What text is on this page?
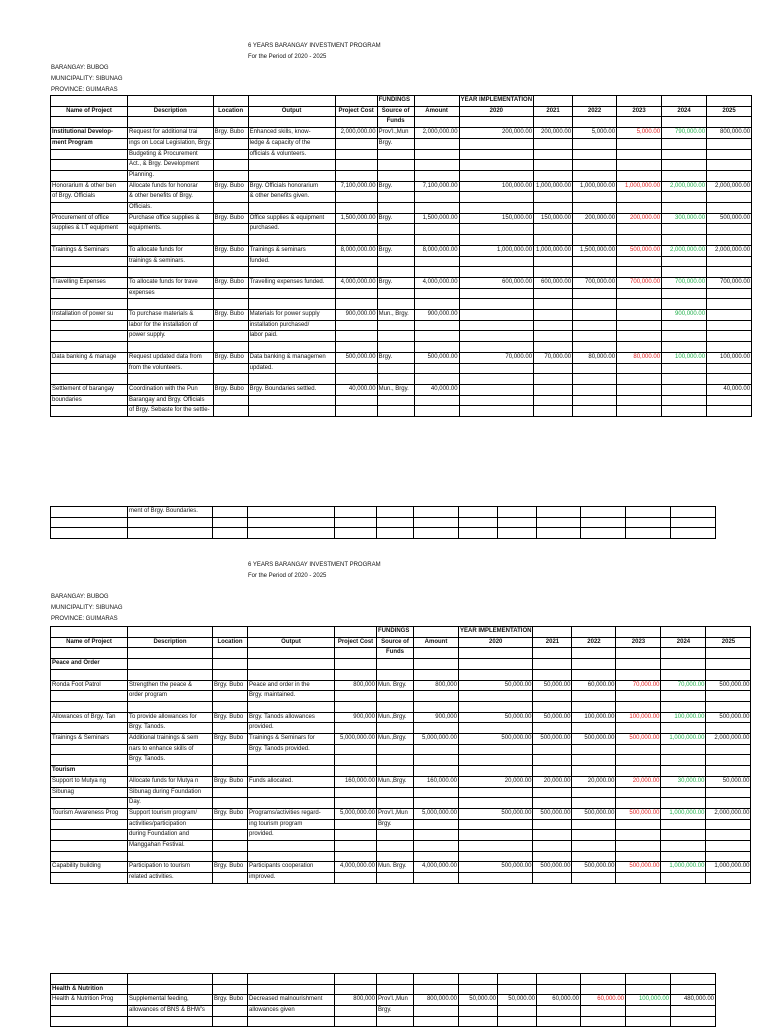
6 YEARS BARANGAY INVESTMENT PROGRAM
For the Period of 2020 - 2025
BARANGAY: BUBOG
MUNICIPALITY: SIBUNAG
PROVINCE: GUIMARAS
					FUNDINGS		YEAR IMPLEMENTATION					
Name of Project	Description	Location	Output	Project Cost	Source of	Amount	2020	2021	2022	2023	2024	2025
					Funds							
Institutional Develop-	Request for additional trai	Brgy. Bubo	Enhanced skills, know-	2,000,000.00	Prov'l.,Mun	2,000,000.00	200,000.00	200,000.00	5,000.00	5,000.00	790,000.00	800,000.00
ment Program	ings on Local Legislation, Brgy.		ledge & capacity of the		Brgy.							
	Budgeting & Procurement		officials & volunteers.									
	Act., & Brgy. Development											
	Planning.											
Honorarium & other ben	Allocate funds for honorar	Brgy. Bubo	Brgy. Officials honorarium	7,100,000.00	Brgy.	7,100,000.00	100,000.00	1,000,000.00	1,000,000.00	1,000,000.00	2,000,000.00	2,000,000.00
of Brgy. Officials	& other benefits of Brgy.		& other benefits given.									
	Officials.											
Procurement of office	Purchase office supplies &	Brgy. Bubo	Office supplies & equipment	1,500,000.00	Brgy.	1,500,000.00	150,000.00	150,000.00	200,000.00	200,000.00	300,000.00	500,000.00
supplies & I.T equipment	equipments.		purchased.									

Trainings & Seminars	To allocate funds for	Brgy. Bubo	Trainings & seminars	8,000,000.00	Brgy.	8,000,000.00	1,000,000.00	1,000,000.00	1,500,000.00	500,000.00	2,000,000.00	2,000,000.00
	trainings & seminars.		funded.									

Travelling Expenses	To allocate funds for trave	Brgy. Bubo	Travelling expenses funded.	4,000,000.00	Brgy.	4,000,000.00	600,000.00	600,000.00	700,000.00	700,000.00	700,000.00	700,000.00
	expenses											

Installation of power su	To purchase materials &	Brgy. Bubo	Materials for power supply	900,000.00	Mun., Brgy.	900,000.00					900,000.00	
	labor for the installation of		installation purchased/									
	power supply.		labor paid.									

Data banking & manage	Request updated data from	Brgy. Bubo	Data banking & managemen	500,000.00	Brgy.	500,000.00	70,000.00	70,000.00	80,000.00	80,000.00	100,000.00	100,000.00
	from the volunteers.		updated.									

Settlement of barangay	Coordination with the Pun	Brgy. Bubo	Brgy. Boundaries settled.	40,000.00	Mun., Brgy.	40,000.00						40,000.00
boundaries	Barangay and Brgy. Officials											
	of Brgy. Sebaste for the settle-											
	ment of Brgy. Boundaries.											

6 YEARS BARANGAY INVESTMENT PROGRAM
For the Period of 2020 - 2025
BARANGAY: BUBOG
MUNICIPALITY: SIBUNAG
PROVINCE: GUIMARAS
					FUNDINGS		YEAR IMPLEMENTATION					
Name of Project	Description	Location	Output	Project Cost	Source of	Amount	2020	2021	2022	2023	2024	2025
					Funds							
Peace and Order												

Ronda Foot Patrol	Strengthen the peace &	Brgy. Bubo	Peace and order in the	800,000	Mun. Brgy.	800,000	50,000.00	50,000.00	60,000.00	70,000.00	70,000.00	500,000.00
	order program		Brgy. maintained.									

Allowances of Brgy. Tan	To provide allowances for	Brgy. Bubo	Brgy. Tanods allowances	900,000	Mun.,Brgy.	900,000	50,000.00	50,000.00	100,000.00	100,000.00	100,000.00	500,000.00
	Brgy. Tanods.		provided.									
Trainings & Seminars	Additional trainings & sem	Brgy. Bubo	Trainings & Seminars for	5,000,000.00	Mun.,Brgy.	5,000,000.00	500,000.00	500,000.00	500,000.00	500,000.00	1,000,000.00	2,000,000.00
	nars to enhance skills of		Brgy. Tanods provided.									
	Brgy. Tanods.											
Tourism												
Support to Mutya ng	Allocate funds for Mutya n	Brgy. Bubo	Funds allocated.	160,000.00	Mun.,Brgy.	160,000.00	20,000.00	20,000.00	20,000.00	20,000.00	30,000.00	50,000.00
Sibunag	Sibunag during Foundation											
	Day.											
Tourism Awareness Prog	Support tourism program/	Brgy. Bubo	Programs/activities regard-	5,000,000.00	Prov'l.,Mun	5,000,000.00	500,000.00	500,000.00	500,000.00	500,000.00	1,000,000.00	2,000,000.00
	activities/participation		ing tourism program		Brgy.							
	during Foundation and		provided.									
	Manggahan Festival.											

Capability building	Participation to tourism	Brgy. Bubo	Participants cooperation	4,000,000.00	Mun. Brgy.	4,000,000.00	500,000.00	500,000.00	500,000.00	500,000.00	1,000,000.00	1,000,000.00
	related activities.		improved.									

Health & Nutrition												
Health & Nutrition Prog	Supplemental feeding,	Brgy. Bubo	Decreased malnourishment	800,000	Prov'l.,Mun	800,000.00	50,000.00	50,000.00	60,000.00	60,000.00	100,000.00	480,000.00
	allowances of BNS & BHW's		allowances given		Brgy.							
